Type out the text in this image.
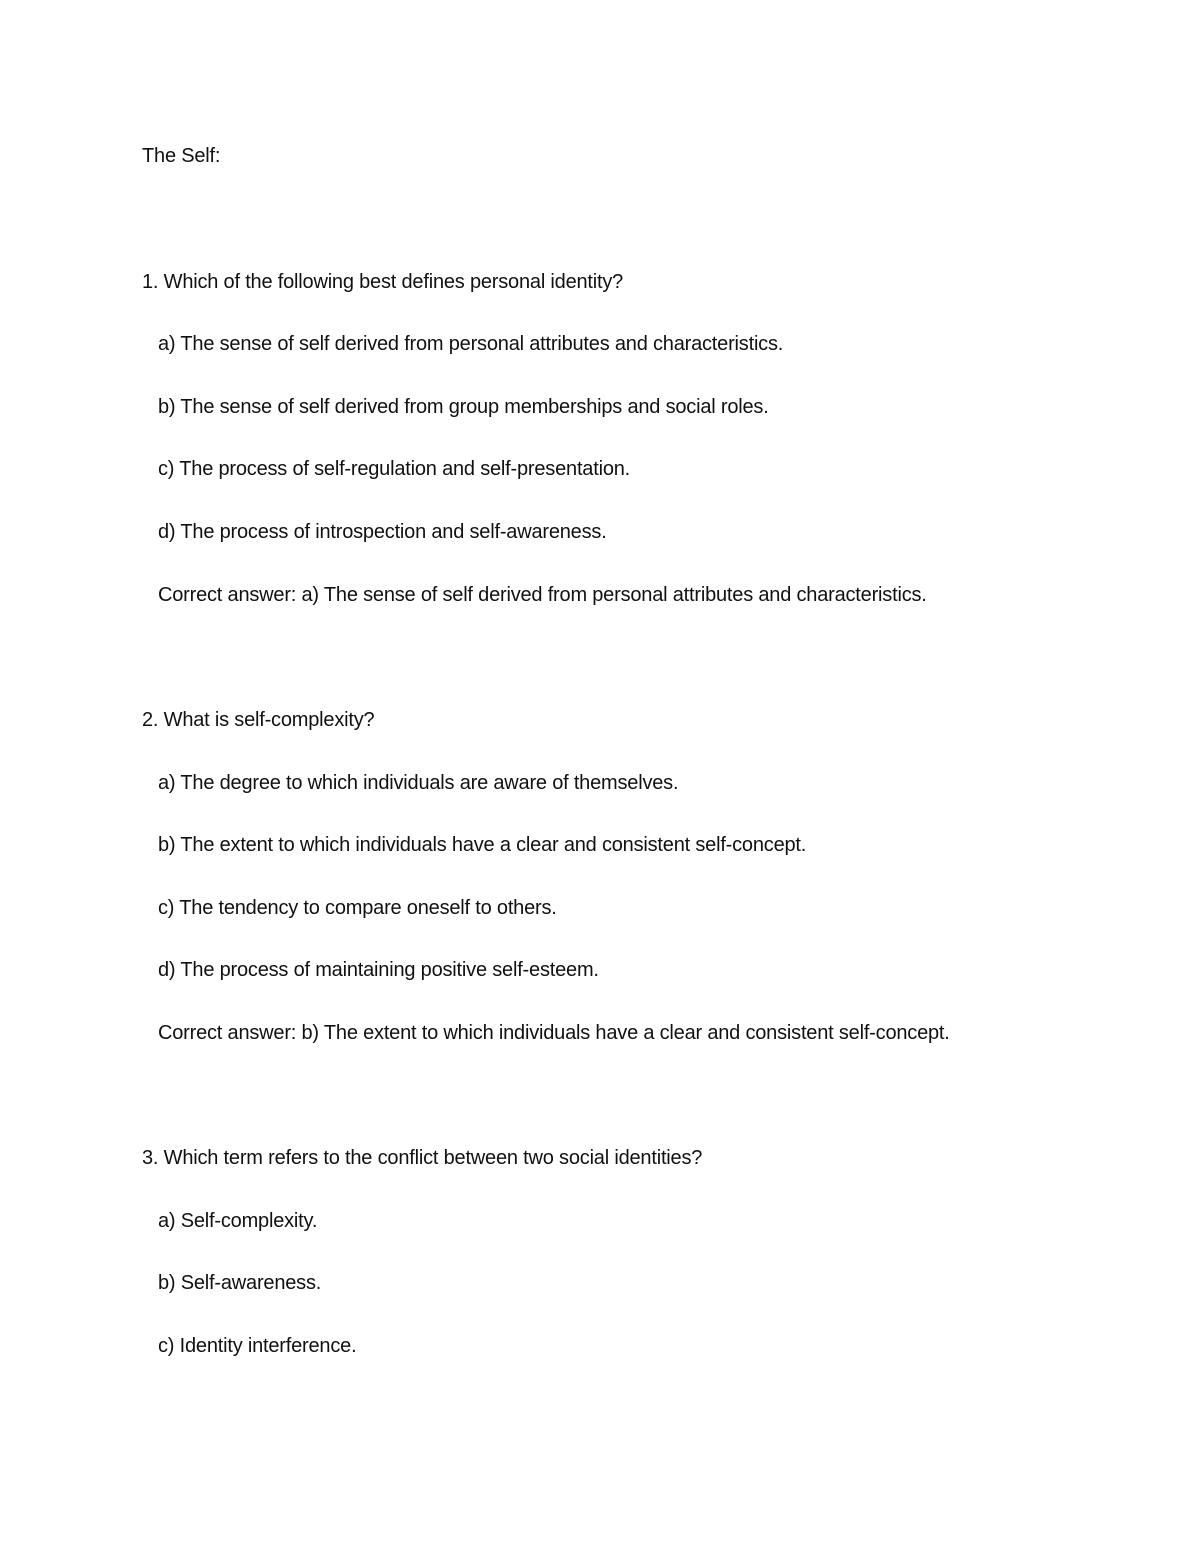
The Self:
1. Which of the following best defines personal identity?
a) The sense of self derived from personal attributes and characteristics.
b) The sense of self derived from group memberships and social roles.
c) The process of self-regulation and self-presentation.
d) The process of introspection and self-awareness.
Correct answer: a) The sense of self derived from personal attributes and characteristics.
2. What is self-complexity?
a) The degree to which individuals are aware of themselves.
b) The extent to which individuals have a clear and consistent self-concept.
c) The tendency to compare oneself to others.
d) The process of maintaining positive self-esteem.
Correct answer: b) The extent to which individuals have a clear and consistent self-concept.
3. Which term refers to the conflict between two social identities?
a) Self-complexity.
b) Self-awareness.
c) Identity interference.
